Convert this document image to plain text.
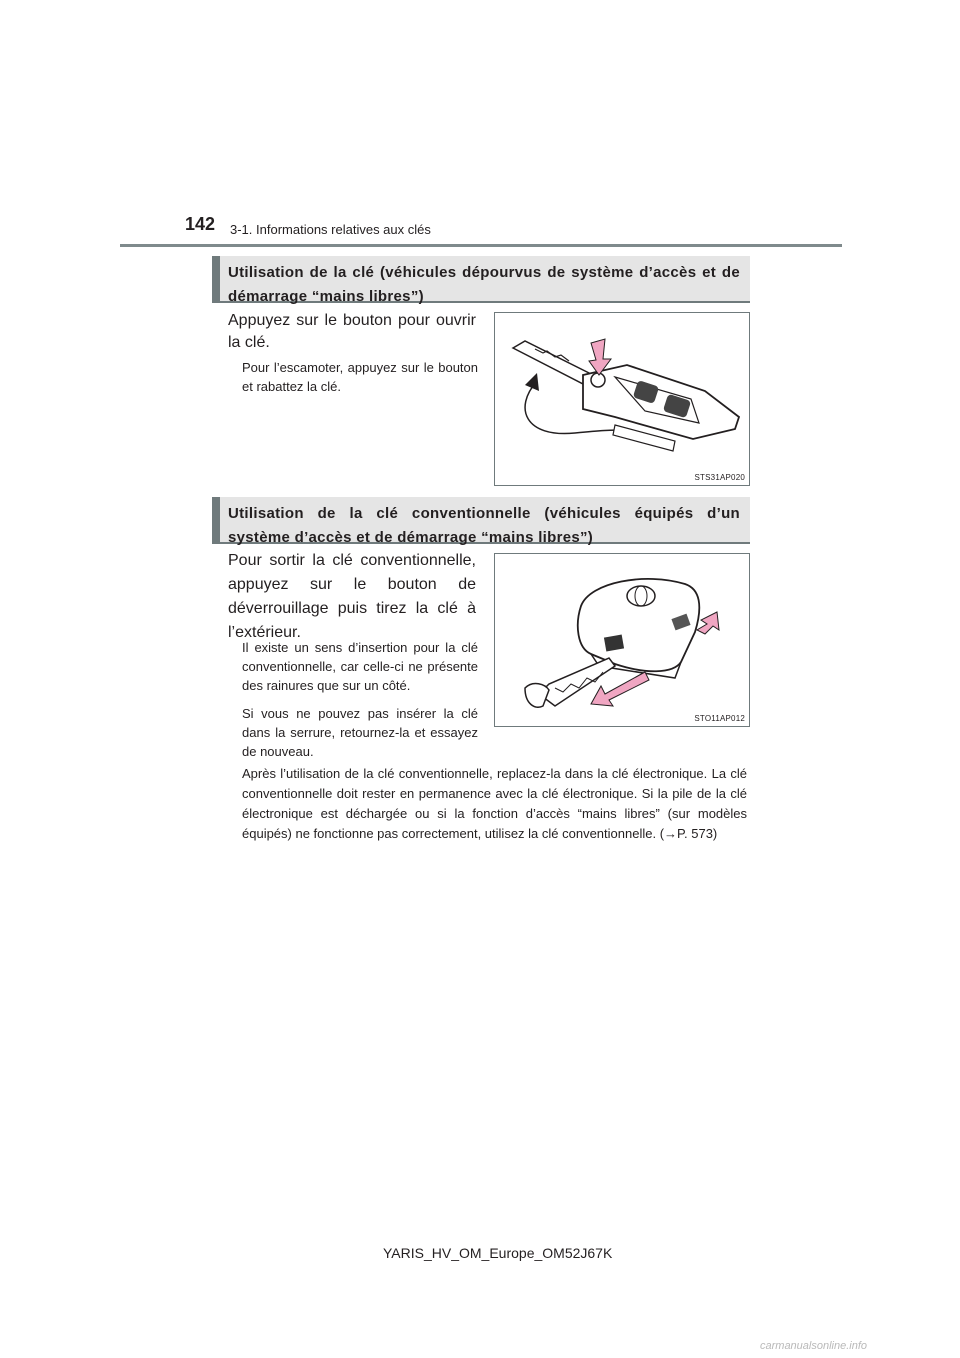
142 3-1. Informations relatives aux clés
Utilisation de la clé (véhicules dépourvus de système d’accès et de démarrage “mains libres”)
Appuyez sur le bouton pour ouvrir la clé.
Pour l’escamoter, appuyez sur le bouton et rabattez la clé.
STS31AP020
Utilisation de la clé conventionnelle (véhicules équipés d’un système d’accès et de démarrage “mains libres”)
Pour sortir la clé conventionnelle, appuyez sur le bouton de déverrouillage puis tirez la clé à l’extérieur.
Il existe un sens d’insertion pour la clé conventionnelle, car celle-ci ne présente des rainures que sur un côté.
Si vous ne pouvez pas insérer la clé dans la serrure, retournez-la et essayez de nouveau.
Après l’utilisation de la clé conventionnelle, replacez-la dans la clé électronique. La clé conventionnelle doit rester en permanence avec la clé électronique. Si la pile de la clé électronique est déchargée ou si la fonction d’accès “mains libres” (sur modèles équipés) ne fonctionne pas correctement, utilisez la clé conventionnelle. (→P. 573)
STO11AP012
YARIS_HV_OM_Europe_OM52J67K
carmanualsonline.info
